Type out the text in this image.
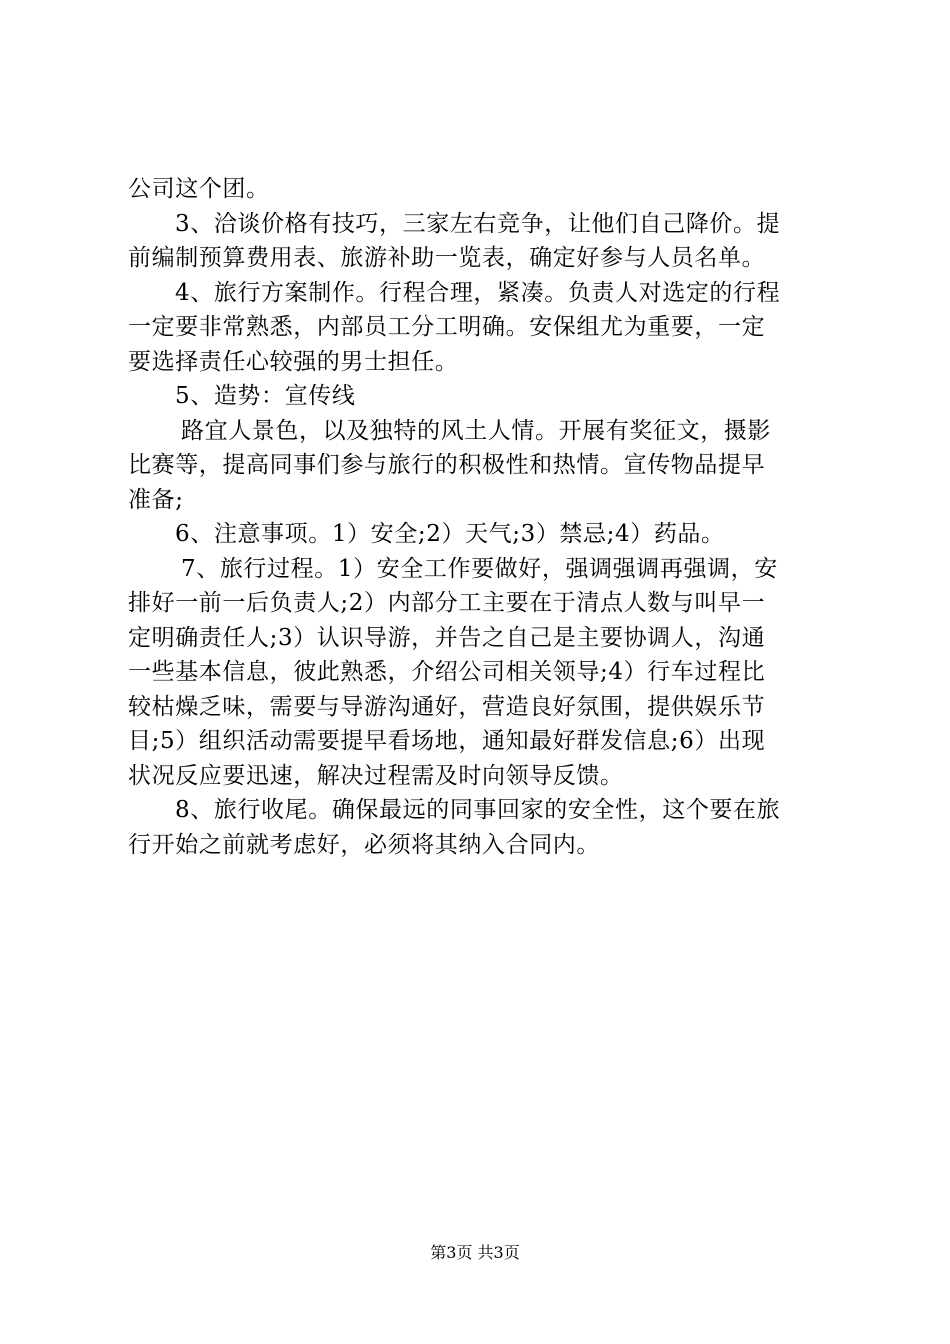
公司这个团。
3、洽谈价格有技巧，三家左右竞争，让他们自己降价。提
前编制预算费用表、旅游补助一览表，确定好参与人员名单。
4、旅行方案制作。行程合理，紧凑。负责人对选定的行程
一定要非常熟悉，内部员工分工明确。安保组尤为重要，一定
要选择责任心较强的男士担任。
5、造势：宣传线
路宜人景色，以及独特的风土人情。开展有奖征文，摄影
比赛等，提高同事们参与旅行的积极性和热情。宣传物品提早
准备;
6、注意事项。1）安全;2）天气;3）禁忌;4）药品。
7、旅行过程。1）安全工作要做好，强调强调再强调，安
排好一前一后负责人;2）内部分工主要在于清点人数与叫早一
定明确责任人;3）认识导游，并告之自己是主要协调人，沟通
一些基本信息，彼此熟悉，介绍公司相关领导;4）行车过程比
较枯燥乏味，需要与导游沟通好，营造良好氛围，提供娱乐节
目;5）组织活动需要提早看场地，通知最好群发信息;6）出现
状况反应要迅速，解决过程需及时向领导反馈。
8、旅行收尾。确保最远的同事回家的安全性，这个要在旅
行开始之前就考虑好，必须将其纳入合同内。
第3页 共3页
